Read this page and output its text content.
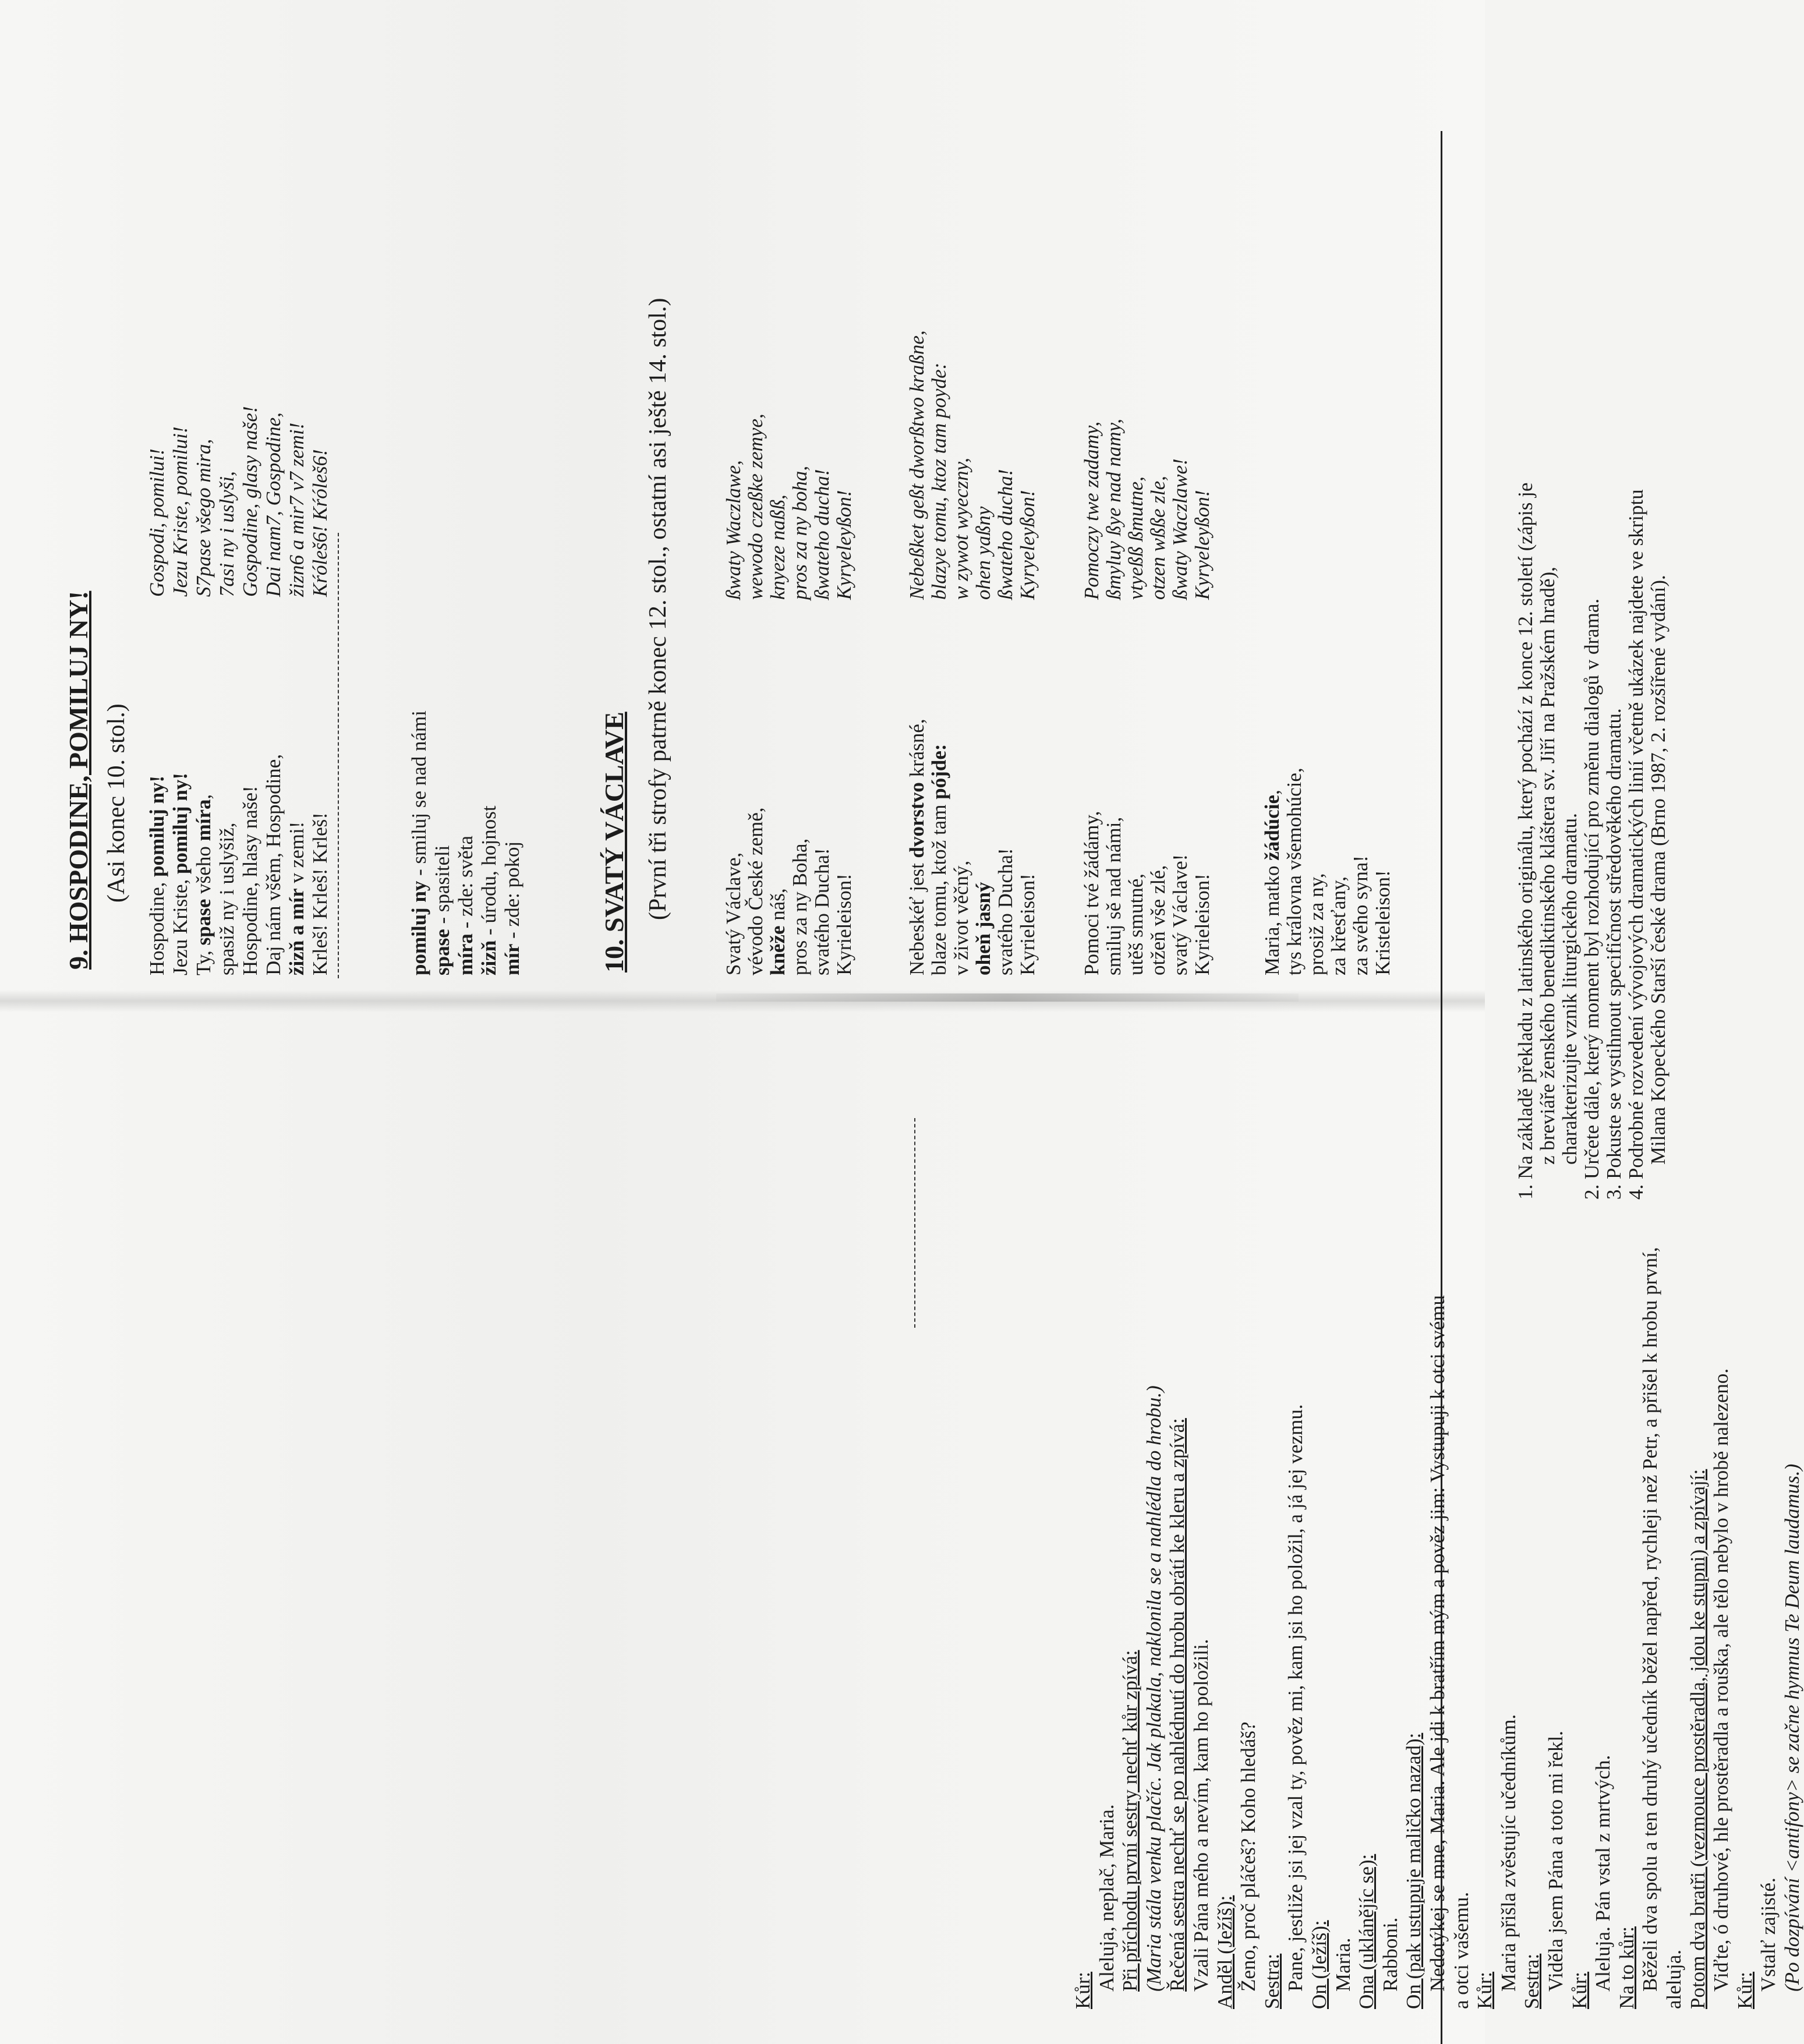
9. HOSPODINE, POMILUJ NY! (Asi konec 10. stol.)	10. SVATÝ VÁCLAVE (První tři strofy patrně konec 12. stol., ostatní asi ještě 14. stol.)
Kůr: Aleluja, neplač, Maria. Při příchodu první sestry nechť kůr zpívá: (Maria stála venku plačíc. Jak plakala, naklonila se a nahlédla do hrobu.) Řečená sestra nechť se po nahlédnutí do hrobu obrátí ke kleru a zpívá: Vzali Pána mého a nevím, kam ho položili. Anděl (Ježíš): Ženo, proč pláčeš? Koho hledáš? Sestra: Pane, jestliže jsi jej vzal ty, pověz mi, kam jsi ho položil, a já jej vezmu. On (Ježíš): Maria. Ona (uklánějíc se): Rabboni. On (pak ustupuje maličko nazad): Nedotýkej se mne, Maria. Ale jdi k bratřím mým a pověz jim: Vystupuji k otci svému a otci vašemu. Kůr: Maria přišla zvěstujíc učedníkům. Sestra: Viděla jsem Pána a toto mi řekl. Kůr: Aleluja. Pán vstal z mrtvých. Na to kůr: Běželi dva spolu a ten druhý učedník běžel napřed, rychleji než Petr, a přišel k hrobu první, aleluja. Potom dva bratři (vezmouce prostěradla, jdou ke stupni) a zpívají: Viďte, ó druhové, hle prostěradla a rouška, ale tělo nebylo v hrobě nalezeno. Kůr: Vstalť zajisté. (Po dozpívání <antifony> se začne hymnus Te Deum laudamus.)
1. Na základě překladu z latinského originálu, který pochází z konce 12. století (zápis je z breviáře ženského benediktinského kláštera sv. Jiří na Pražském hradě), charakterizujte vznik liturgického dramatu. 2. Určete dále, který moment byl rozhodující pro změnu dialogů v drama. 3. Pokuste se vystihnout specifičnost středověkého dramatu. 4. Podrobné rozvedení vývojových dramatických linií včetně ukázek najdete ve skriptu Milana Kopeckého Starší české drama (Brno 1987, 2. rozšířené vydání).
Hospodine, pomiluj ny!
Jezu Kriste, pomiluj ny!
Ty, spase všeho míra,
spasiž ny i uslyšiž, Hospodine, hlasy naše! Daj nám všěm, Hospodine, žizň a mír v zemi! Krleš! Krleš! Krleš!
Gospodi, pomilui! Jezu Kriste, pomilui! S7pase všego mira, 7asi ny i uslyši, Gospodine, glasy naše! Dai nam7, Gospodine, žizn6 a mir7 v7 zemi! Kŕóleš6! Kŕóleš6!
pomiluj ny - smiluj se nad námi
spase - spasiteli
míra - zde: světa
žizň - úrodu, hojnost
mír - zde: pokoj	Svatý Václave, vévodo České země, kněže náš, pros za ny Boha, svatého Ducha! Kyrieleison!
ßwaty Waczlawe, wewodo czeßke zemye, knyeze naßß, pros za ny boha, ßwateho ducha! Kyryeleyßon!
Nebeskéť jest dvorstvo krásné,
blaze tomu, ktož tam pójde:
v život věčný, oheň jasný svatého Ducha! Kyrieleison!
Nebeßket geßt dworßtwo kraßne, blazye tomu, ktoz tam poyde: w zywot wyeczny, ohen yaßny ßwateho ducha! Kyryeleyßon!
Pomoci tvé žádámy, smiluj sě nad námi, utěš smutné, otžeň vše zlé, svatý Václave! Kyrieleison!
Pomoczy twe zadamy, ßmyluy ßye nad namy, vtyeßß ßmutne, otzen wßße zle, ßwaty Waczlawe! Kyryeleyßon!
Maria, matko žádúcie, tys královna všemohúcie, prosiž za ny, za křesťany, za svého syna! Kristeleison!
